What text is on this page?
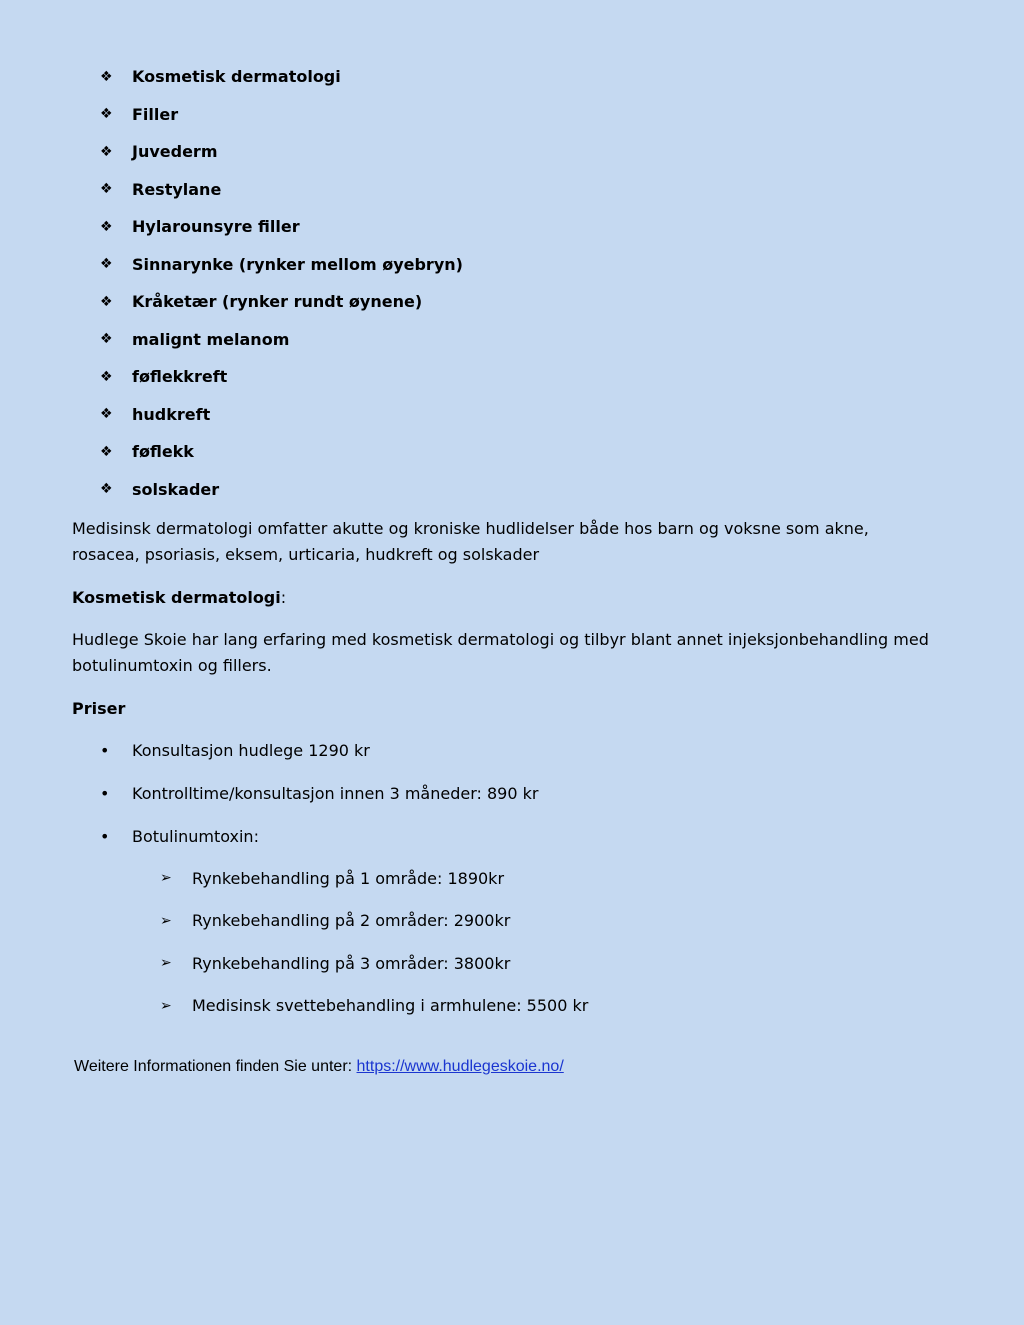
❖	Kosmetisk dermatologi
❖	Filler
❖	Juvederm
❖	Restylane
❖	Hylarounsyre filler
❖	Sinnarynke (rynker mellom øyebryn)
❖	Kråketær (rynker rundt øynene)
❖	malignt melanom
❖	føflekkreft
❖	hudkreft
❖	føflekk
❖	solskader

Medisinsk dermatologi omfatter akutte og kroniske hudlidelser både hos barn og voksne som akne, rosacea, psoriasis, eksem, urticaria, hudkreft og solskader

Kosmetisk dermatologi:

Hudlege Skoie har lang erfaring med kosmetisk dermatologi og tilbyr blant annet injeksjonbehandling med botulinumtoxin og fillers.

Priser

•	Konsultasjon hudlege 1290 kr
•	Kontrolltime/konsultasjon innen 3 måneder: 890 kr
•	Botulinumtoxin:
➢	Rynkebehandling på 1 område: 1890kr
➢	Rynkebehandling på 2 områder: 2900kr
➢	Rynkebehandling på 3 områder: 3800kr
➢	Medisinsk svettebehandling i armhulene: 5500 kr
Weitere Informationen finden Sie unter: https://www.hudlegeskoie.no/
